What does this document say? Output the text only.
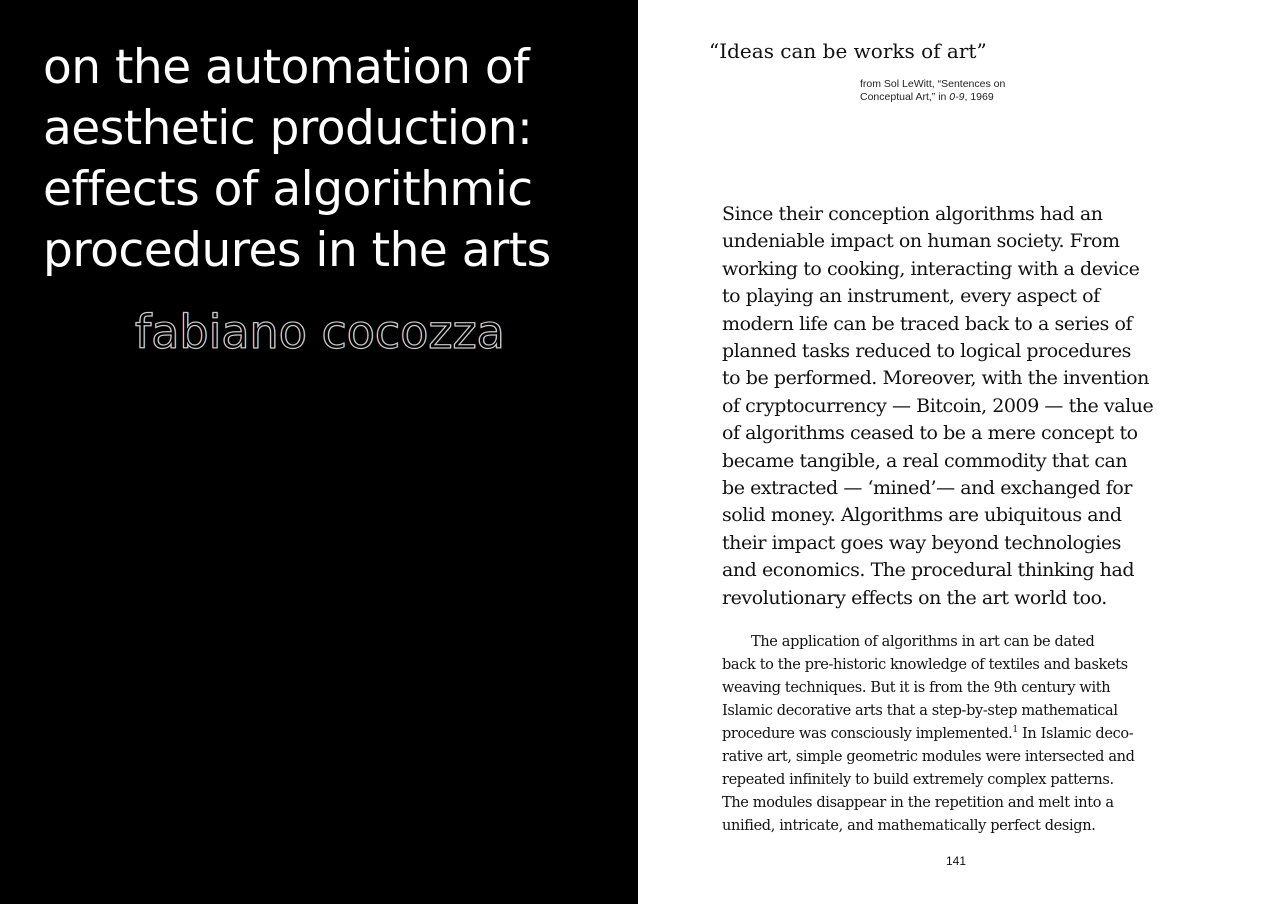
on the automation of
aesthetic production:
effects of algorithmic
procedures in the arts

fabiano cocozza

“Ideas can be works of art”

from Sol LeWitt, “Sentences on
Conceptual Art,” in 0-9, 1969

Since their conception algorithms had an
undeniable impact on human society. From
working to cooking, interacting with a device
to playing an instrument, every aspect of
modern life can be traced back to a series of
planned tasks reduced to logical procedures
to be performed. Moreover, with the invention
of cryptocurrency — Bitcoin, 2009 — the value
of algorithms ceased to be a mere concept to
became tangible, a real commodity that can
be extracted — ‘mined’— and exchanged for
solid money. Algorithms are ubiquitous and
their impact goes way beyond technologies
and economics. The procedural thinking had
revolutionary effects on the art world too.

The application of algorithms in art can be dated
back to the pre-historic knowledge of textiles and baskets
weaving techniques. But it is from the 9th century with
Islamic decorative arts that a step-by-step mathematical
procedure was consciously implemented.$^1$ In Islamic deco-
rative art, simple geometric modules were intersected and
repeated infinitely to build extremely complex patterns.
The modules disappear in the repetition and melt into a
unified, intricate, and mathematically perfect design.

141
